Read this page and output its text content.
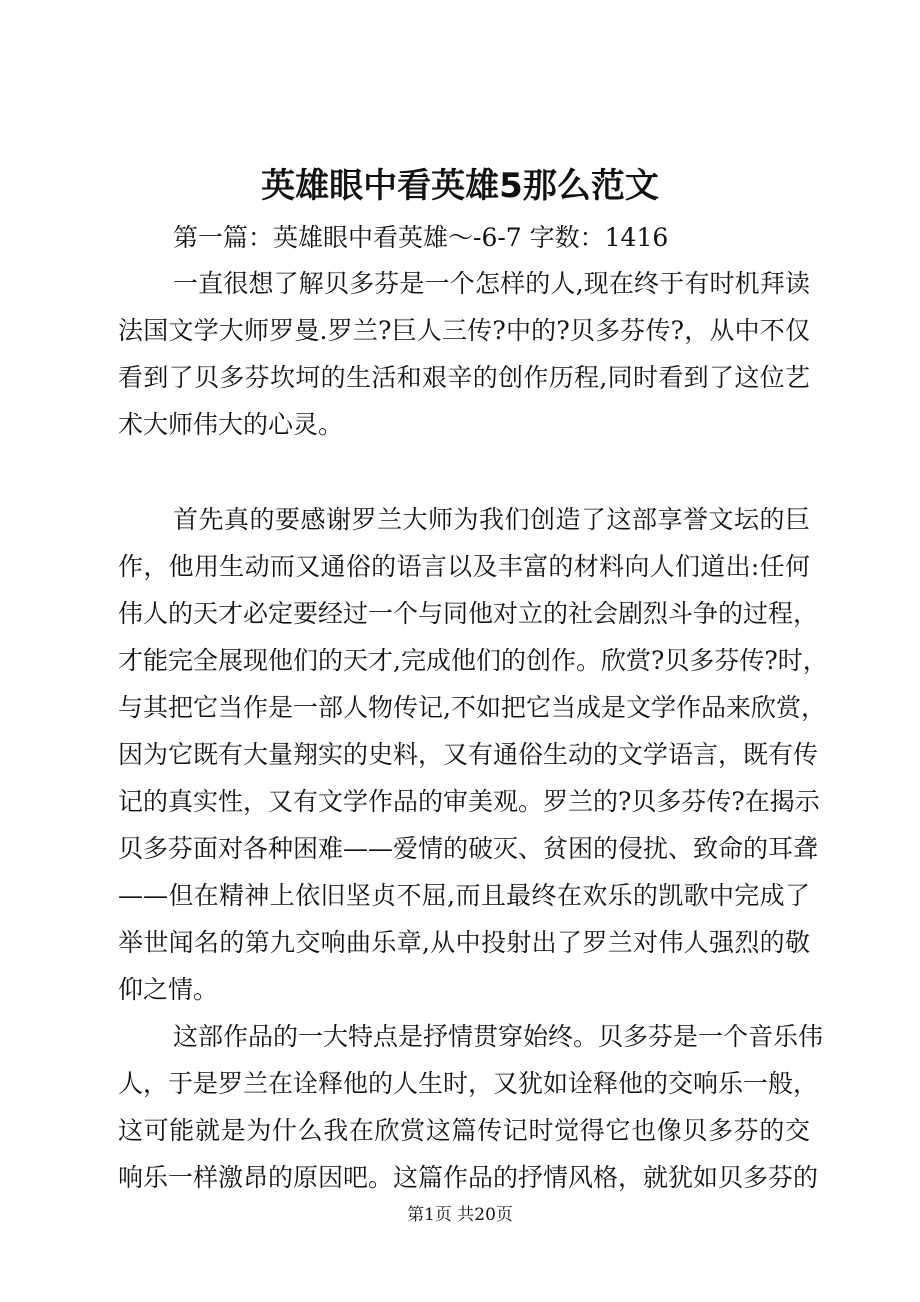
英雄眼中看英雄5那么范文
第一篇：英雄眼中看英雄～-6-7 字数：1416
一直很想了解贝多芬是一个怎样的人,现在终于有时机拜读
法国文学大师罗曼.罗兰?巨人三传?中的?贝多芬传?，从中不仅
看到了贝多芬坎坷的生活和艰辛的创作历程,同时看到了这位艺
术大师伟大的心灵。
首先真的要感谢罗兰大师为我们创造了这部享誉文坛的巨
作，他用生动而又通俗的语言以及丰富的材料向人们道出:任何
伟人的天才必定要经过一个与同他对立的社会剧烈斗争的过程，
才能完全展现他们的天才,完成他们的创作。欣赏?贝多芬传?时，
与其把它当作是一部人物传记,不如把它当成是文学作品来欣赏，
因为它既有大量翔实的史料，又有通俗生动的文学语言，既有传
记的真实性，又有文学作品的审美观。罗兰的?贝多芬传?在揭示
贝多芬面对各种困难——爱情的破灭、贫困的侵扰、致命的耳聋
——但在精神上依旧坚贞不屈,而且最终在欢乐的凯歌中完成了
举世闻名的第九交响曲乐章,从中投射出了罗兰对伟人强烈的敬
仰之情。
这部作品的一大特点是抒情贯穿始终。贝多芬是一个音乐伟
人，于是罗兰在诠释他的人生时，又犹如诠释他的交响乐一般，
这可能就是为什么我在欣赏这篇传记时觉得它也像贝多芬的交
响乐一样激昂的原因吧。这篇作品的抒情风格，就犹如贝多芬的
第1页 共20页
